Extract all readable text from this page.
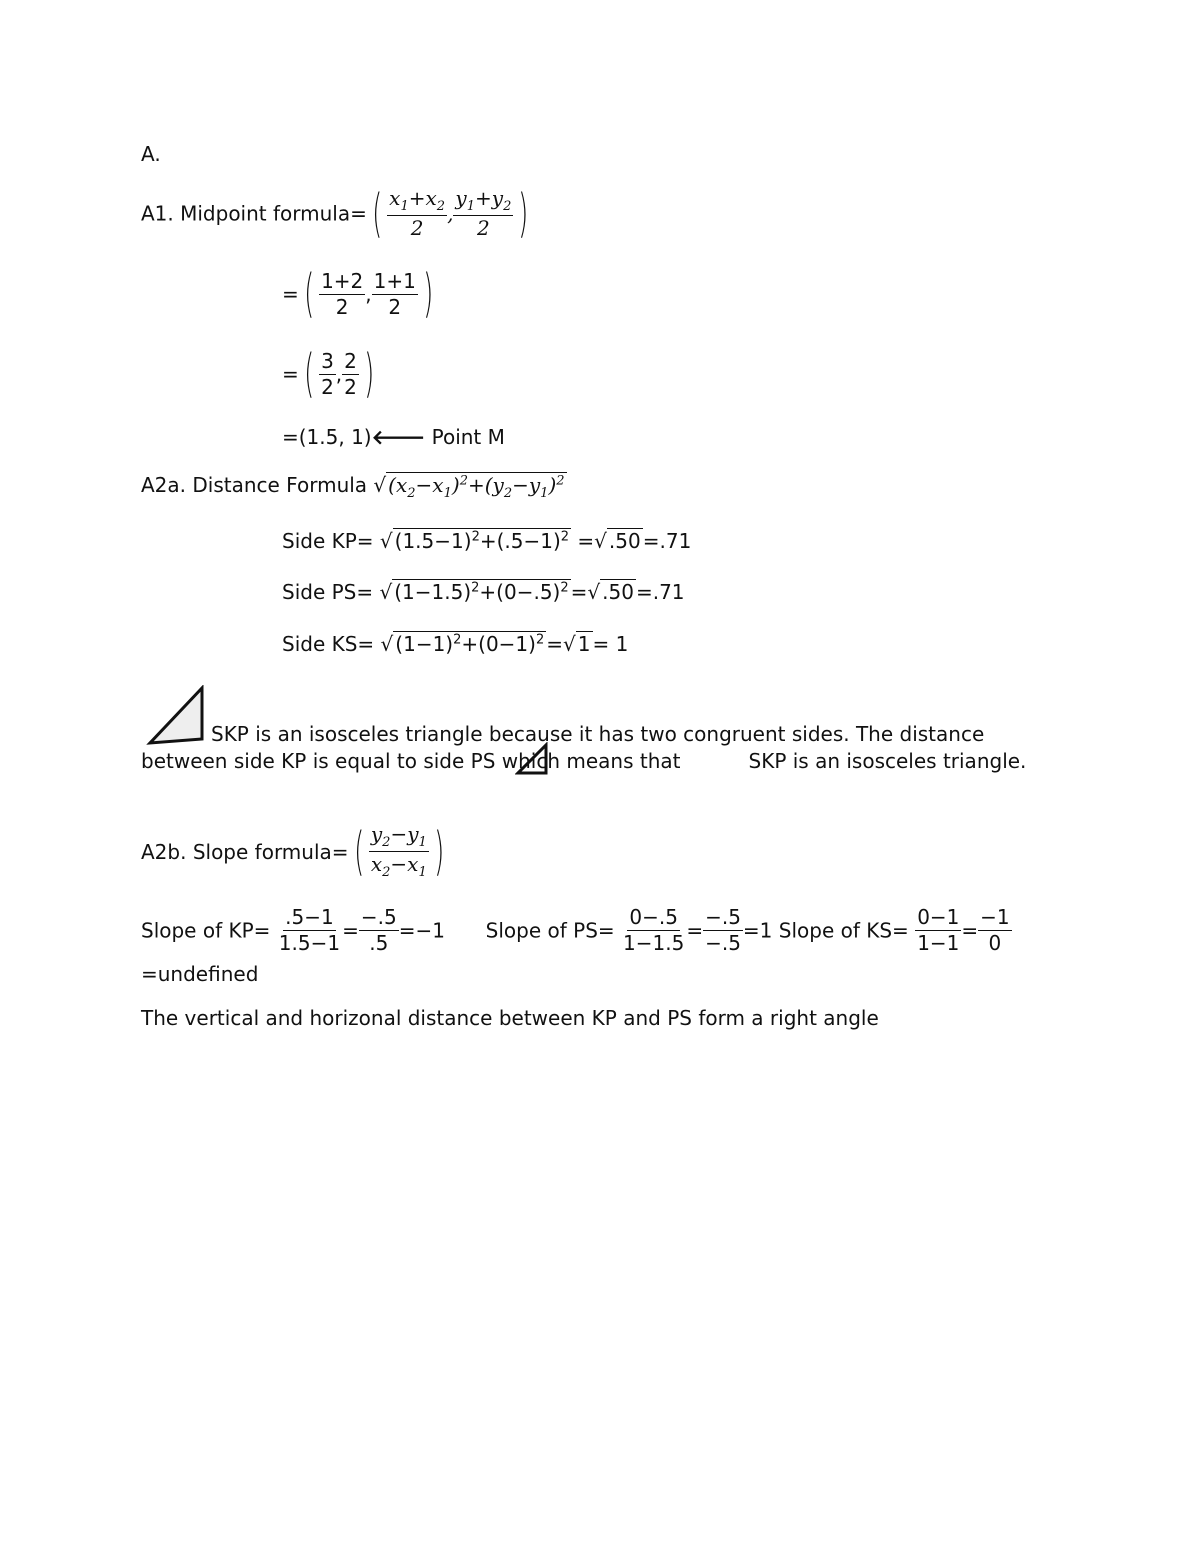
A.
A1. Midpoint formula=( $\frac{x_1+x_2}{2}$ , $\frac{y_1+y_2}{2}$ )
=( $\frac{1+2}{2}$ , $\frac{1+1}{2}$ )
=( $\frac{3}{2}$ , $\frac{2}{2}$ )
=(1.5, 1)🡐 Point M
A2a. Distance Formula √ $(x_2-x_1)^2+(y_2-y_1)^2$
Side KP= √ $(1.5-1)^2+(.5-1)^2$ =√ .50 =.71
Side PS= √ $(1-1.5)^2+(0-.5)^2$ =√ .50 =.71
Side KS= √ $(1-1)^2+(0-1)^2$ =√ 1 = 1
SKP is an isosceles triangle because it has two congruent sides. The distance between side KP is equal to side PS which means that	SKP is an isosceles triangle.
A2b. Slope formula=( $\frac{y_2-y_1}{x_2-x_1}$ )
Slope of $KP= \frac{.5-1}{1.5-1} = \frac{-.5}{.5} =-1$ Slope of $PS= \frac{0-.5}{1-1.5} = \frac{-.5}{-.5} =1$ Slope of $KS= \frac{0-1}{1-1} = \frac{-1}{0}$
=undefined
The vertical and horizonal distance between KP and PS form a right angle
